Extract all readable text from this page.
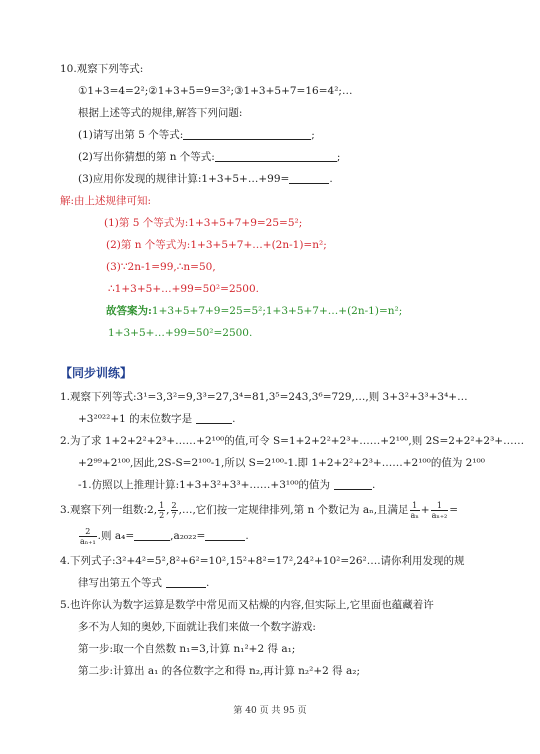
10.观察下列等式:
①1+3=4=2²;②1+3+5=9=3²;③1+3+5+7=16=4²;…
根据上述等式的规律,解答下列问题:
(1)请写出第 5 个等式:	;
(2)写出你猜想的第 n 个等式:	;
(3)应用你发现的规律计算:1+3+5+…+99=	.
解:由上述规律可知:
(1)第 5 个等式为:1+3+5+7+9=25=5²;
(2)第 n 个等式为:1+3+5+7+…+(2n-1)=n²;
(3)∵2n-1=99,∴n=50,
∴1+3+5+…+99=50²=2500.
故答案为:1+3+5+7+9=25=5²;1+3+5+7+…+(2n-1)=n²;
1+3+5+…+99=50²=2500.
【同步训练】
1.观察下列等式:3¹=3,3²=9,3³=27,3⁴=81,3⁵=243,3⁶=729,…,则 3+3²+3³+3⁴+…
+3²⁰²²+1 的末位数字是	.
2.为了求 1+2+2²+2³+……+2¹⁰⁰的值,可令 S=1+2+2²+2³+……+2¹⁰⁰,则 2S=2+2²+2³+……
+2⁹⁹+2¹⁰⁰,因此,2S-S=2¹⁰⁰-1,所以 S=2¹⁰⁰-1.即 1+2+2²+2³+……+2¹⁰⁰的值为 2¹⁰⁰
-1.仿照以上推理计算:1+3+3²+3³+……+3¹⁰⁰的值为	.
3.观察下列一组数:2, $\frac{1}{2}$ , $\frac{2}{7}$ ,…,它们按一定规律排列,第 n 个数记为 aₙ,且满足 $\frac{1}{\text{aₙ}} + \frac{1}{\text{aₙ₊₂}}$ =
$\frac{2}{\text{aₙ₊₁}}$ .则 a₄=	,a₂₀₂₂=	.
4.下列式子:3²+4²=5²,8²+6²=10²,15²+8²=17²,24²+10²=26²….请你利用发现的规
律写出第五个等式	.
5.也许你认为数字运算是数学中常见而又枯燥的内容,但实际上,它里面也蕴藏着许
多不为人知的奥妙,下面就让我们来做一个数字游戏:
第一步:取一个自然数 n₁=3,计算 n₁²+2 得 a₁;
第二步:计算出 a₁ 的各位数字之和得 n₂,再计算 n₂²+2 得 a₂;
第 40 页 共 95 页
